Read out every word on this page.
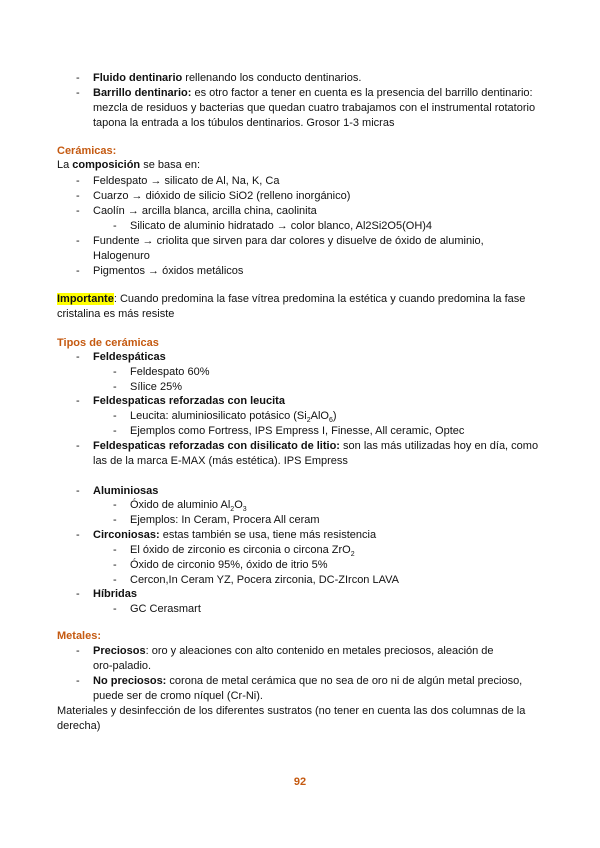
- Fluido dentinario rellenando los conducto dentinarios.
- Barrillo dentinario: es otro factor a tener en cuenta es la presencia del barrillo dentinario:
mezcla de residuos y bacterias que quedan cuatro trabajamos con el instrumental rotatorio
tapona la entrada a los túbulos dentinarios. Grosor 1-3 micras
Cerámicas:
La composición se basa en:
- Feldespato → silicato de Al, Na, K, Ca
- Cuarzo → dióxido de silicio SiO2 (relleno inorgánico)
- Caolín → arcilla blanca, arcilla china, caolinita
- Silicato de aluminio hidratado → color blanco, Al2Si2O5(OH)4
- Fundente → criolita que sirven para dar colores y disuelve de óxido de aluminio,
Halogenuro
- Pigmentos → óxidos metálicos
Importante: Cuando predomina la fase vítrea predomina la estética y cuando predomina la fase
cristalina es más resiste
Tipos de cerámicas
- Feldespáticas
- Feldespato 60%
- Sílice 25%
- Feldespaticas reforzadas con leucita
- Leucita: aluminiosilicato potásico $(Si_2AlO_6)$
- Ejemplos como Fortress, IPS Empress I, Finesse, All ceramic, Optec
- Feldespaticas reforzadas con disilicato de litio: son las más utilizadas hoy en día, como
las de la marca E-MAX (más estética). IPS Empress
- Aluminiosas
- Óxido de aluminio $Al_2O_3$
- Ejemplos: In Ceram, Procera All ceram
- Circoniosas: estas también se usa, tiene más resistencia
- El óxido de zirconio es circonia o circona ZrO$_2$
- Óxido de circonio 95%, óxido de itrio 5%
- Cercon,In Ceram YZ, Pocera zirconia, DC-ZIrcon LAVA
- Híbridas
- GC Cerasmart
Metales:
- Preciosos: oro y aleaciones con alto contenido en metales preciosos, aleación de
oro-paladio.
- No preciosos: corona de metal cerámica que no sea de oro ni de algún metal precioso,
puede ser de cromo níquel (Cr-Ni).
Materiales y desinfección de los diferentes sustratos (no tener en cuenta las dos columnas de la
derecha)
92
